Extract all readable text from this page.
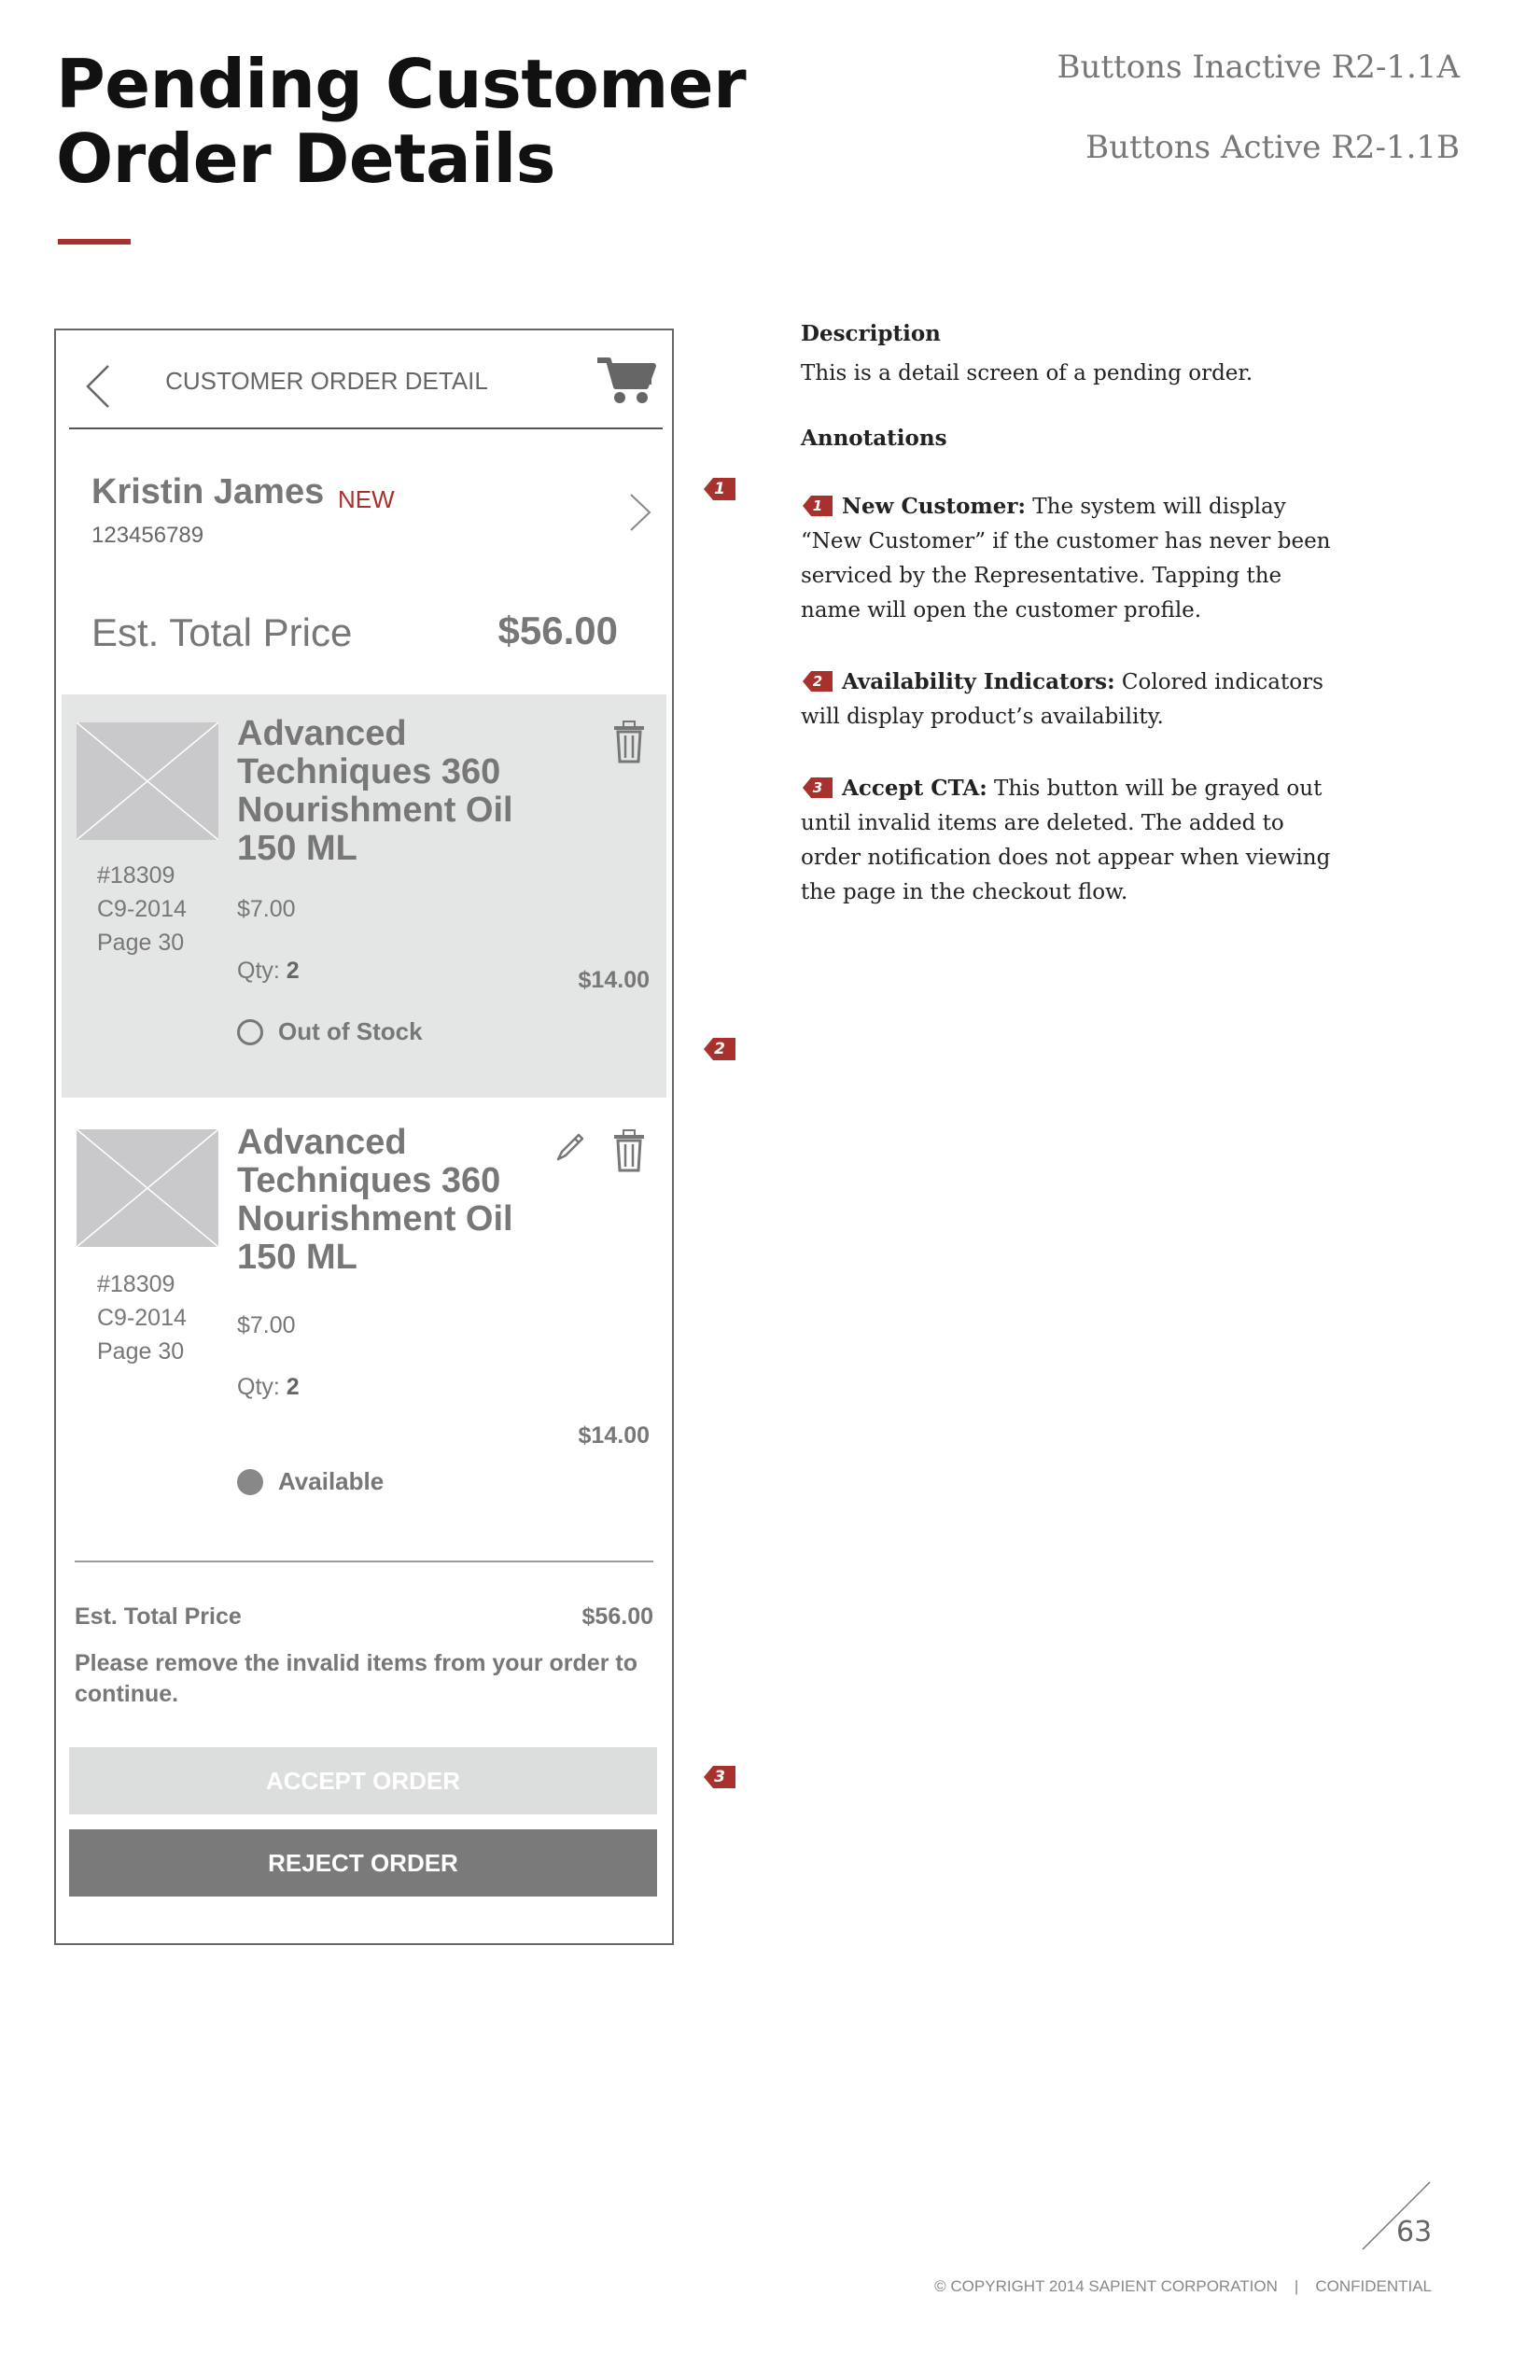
Pending Customer Order Details
Buttons Inactive R2-1.1A
Buttons Active R2-1.1B
CUSTOMER ORDER DETAIL
Kristin James NEW
123456789
Est. Total Price	$56.00
Advanced Techniques 360 Nourishment Oil 150 ML
#18309
C9-2014
Page 30
$7.00
Qty: 2	$14.00
Out of Stock
Advanced Techniques 360 Nourishment Oil 150 ML
#18309
C9-2014
Page 30
$7.00
Qty: 2
$14.00
Available
Est. Total Price	$56.00
Please remove the invalid items from your order to continue.
ACCEPT ORDER
REJECT ORDER
1
2
3
Description
This is a detail screen of a pending order.
Annotations
1 New Customer: The system will display “New Customer” if the customer has never been serviced by the Representative. Tapping the name will open the customer profile.
2 Availability Indicators: Colored indicators will display product’s availability.
3 Accept CTA: This button will be grayed out until invalid items are deleted. The added to order notification does not appear when viewing the page in the checkout flow.
63
© COPYRIGHT 2014 SAPIENT CORPORATION | CONFIDENTIAL
